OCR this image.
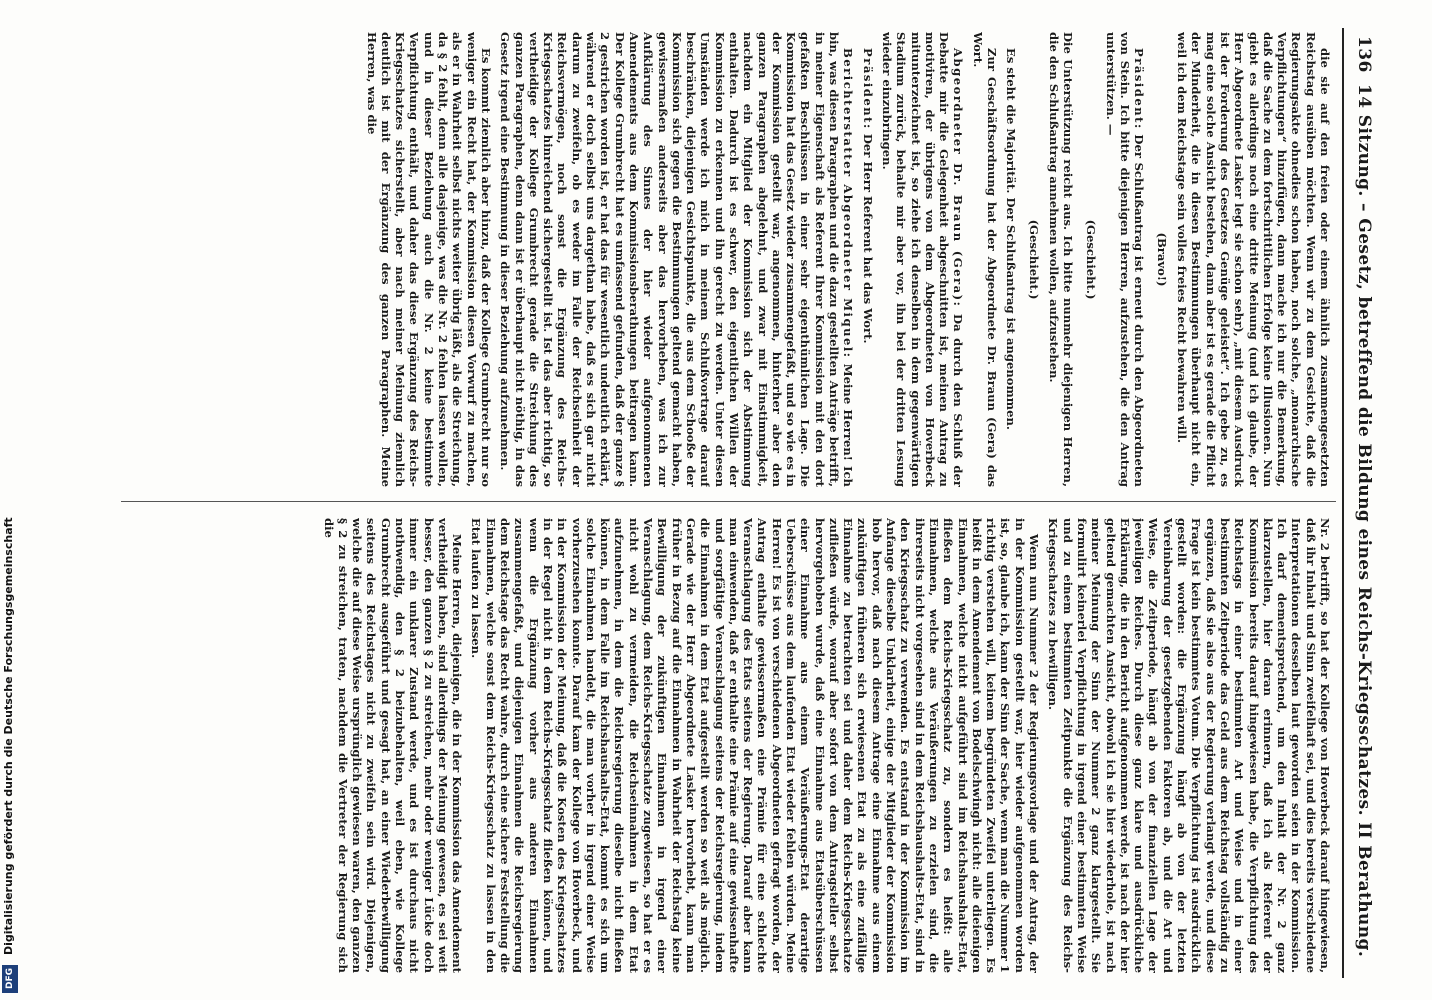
136
14 Sitzung. – Gesetz, betreffend die Bildung eines Reichs-Kriegsschatzes. II Berathung.

die sie auf den freien oder einem ähnlich zusammengesetzten Reichstag ausüben möchten. Wenn wir zu dem Gesichte, daß die Regierungsakte ohnedies schon haben, noch solche, „monarchische Verpflichtungen“ hinzufügen, dann mache ich nur die Bemerkung, daß die Sache zu dem fortschrittlichen Erfolge keine Illusionen. Nun giebt es allerdings noch eine dritte Meinung (und ich glaube, der Herr Abgeordnete Lasker legt sie schon sehr), „mit diesem Ausdruck ist der Forderung des Gesetzes Genüge geleistet“. Ich gebe zu, es mag eine solche Ansicht bestehen, dann aber ist es gerade die Pflicht der Minderheit, die in diesen Bestimmungen überhaupt nicht ein, weil ich dem Reichstage sein volles freies Recht bewahren will.

(Bravo!)

Präsident: Der Schlußantrag ist erneut durch den Abgeordneten von Stein. Ich bitte diejenigen Herren, aufzustehen, die den Antrag unterstützen. —

(Geschieht.)

Die Unterstützung reicht aus. Ich bitte nunmehr diejenigen Herren, die den Schlußantrag annehmen wollen, aufzustehen.

(Geschieht.)

Es steht die Majorität. Der Schlußantrag ist angenommen.

Zur Geschäftsordnung hat der Abgeordnete Dr. Braun (Gera) das Wort.

Abgeordneter Dr. Braun (Gera): Da durch den Schluß der Debatte mir die Gelegenheit abgeschnitten ist, meinen Antrag zu motiviren, der übrigens von dem Abgeordneten von Hoverbeck mitunterzeichnet ist, so ziehe ich denselben in dem gegenwärtigen Stadium zurück, behalte mir aber vor, ihn bei der dritten Lesung wieder einzubringen.

Präsident: Der Herr Referent hat das Wort.

Berichterstatter Abgeordneter Miquel: Meine Herren! Ich bin, was diesen Paragraphen und die dazu gestellten Anträge betrifft, in meiner Eigenschaft als Referent Ihrer Kommission mit den dort gefaßten Beschlüssen in einer sehr eigenthümlichen Lage. Die Kommission hat das Gesetz wieder zusammengefaßt, und so wie es in der Kommission gestellt war, angenommen, hinterher aber den ganzen Paragraphen abgelehnt, und zwar mit Einstimmigkeit, nachdem ein Mitglied der Kommission sich der Abstimmung enthalten. Dadurch ist es schwer, den eigentlichen Willen der Kommission zu erkennen und ihn gerecht zu werden. Unter diesen Umständen werde ich mich in meinem Schlußvortrage darauf beschränken, diejenigen Gesichtspunkte, die aus dem Schooße der Kommission sich gegen die Bestimmungen geltend gemacht haben, gewissermaßen anderseits aber das hervorheben, was ich zur Aufklärung des Sinnes der hier wieder aufgenommenen Amendements aus dem Kommissionsberathungen beitragen kann. Der Kollege Grumbrecht hat es umfassend gefunden, daß der ganze § 2 gestrichen worden ist, er hat das für wesentlich undeutlich erklärt, während er doch selbst uns dargethan habe, daß es sich gar nicht darum zu zweifeln, ob es weder im Falle der Reichseinheit der Reichsvermögen, noch sonst die Ergänzung des Reichs-Kriegsschatzes hinreichend sichergestellt ist. Ist das aber richtig, so vertheidige der Kollege Grumbrecht gerade die Streichung des ganzen Paragraphen, denn dann ist er überhaupt nicht nöthig, in das Gesetz irgend eine Bestimmung in dieser Beziehung aufzunehmen.

Es kommt ziemlich aber hinzu, daß der Kollege Grumbrecht nur so weniger ein Recht hat, der Kommission diesen Vorwurf zu machen, als er in Wahrheit selbst nichts weiter übrig läßt, als die Streichung, da § 2 fehlt, denn alle dasjenige, was die Nr. 2 fehlen lassen wollen, und in dieser Beziehung auch die Nr. 2 keine bestimmte Verpflichtung enthält, und daher das diese Ergänzung des Reichs-Kriegsschatzes sicherstellt, aber nach meiner Meinung ziemlich deutlich ist mit der Ergänzung des ganzen Paragraphen. Meine Herren, was die

Nr. 2 betrifft, so hat der Kollege von Hoverbeck darauf hingewiesen, daß ihr Inhalt und Sinn zweifelhaft sei, und dies bereits verschiedene Interpretationen desselben laut geworden seien in der Kommission. Ich darf dementsprechend, um den Inhalt der Nr. 2 ganz klarzustellen, hier daran erinnern, daß ich als Referent der Kommission bereits darauf hingewiesen habe, die Verpflichtung des Reichstags in einer bestimmten Art und Weise und in einer bestimmten Zeitperiode das Geld aus dem Reichstag vollständig zu ergänzen, daß sie also aus der Regierung verlangt werde, und diese Frage ist kein bestimmtes Votum. Die Verpflichtung ist ausdrücklich gestellt worden: die Ergänzung hängt ab von der letzten Vereinbarung der gesetzgebenden Faktoren ab, und die Art und Weise, die Zeitperiode, hängt ab von der finanziellen Lage der jeweiligen Reiches. Durch diese ganz klare und ausdrückliche Erklärung, die in den Bericht aufgenommen werde, ist nach der hier geltend gemachten Ansicht, obwohl ich sie hier wiederhole, ist nach meiner Meinung der Sinn der Nummer 2 ganz klargestellt. Sie formulirt keinerlei Verpflichtung in irgend einer bestimmten Weise und zu einem bestimmten Zeitpunkte die Ergänzung des Reichs-Kriegsschatzes zu bewilligen.

Wenn nun Nummer 2 der Regierungsvorlage und der Antrag, der in der Kommission gestellt war, hier wieder aufgenommen worden ist, so, glaube ich, kann der Sinn der Sache, wenn man die Nummer 1 richtig verstehen will, keinem begründeten Zweifel unterliegen. Es heißt in dem Amendement von Bodelschwingh nicht: alle dieienigen Einnahmen, welche nicht aufgeführt sind im Reichshaushalts-Etat, fließen dem Reichs-Kriegsschatz zu, sondern es heißt: alle Einnahmen, welche aus Veräußerungen zu erzielen sind, die ihrerseits nicht vorgesehen sind in dem Reichshaushalts-Etat, sind in den Kriegsschatz zu verwenden. Es entstand in der Kommission im Anfange dieselbe Unklarheit, einige der Mitglieder der Kommission hob hervor, daß nach diesem Antrage eine Einnahme aus einem zukünftigen früheren sich erwiesenen Etat zu als eine zufällige Einnahme zu betrachten sei und daher dem Reichs-Kriegsschatze zufließen würde, worauf aber sofort von dem Antragsteller selbst hervorgehoben wurde, daß eine Einnahme aus Etatsüberschüssen einer Einnahme aus einem Veräußerungs-Etat derartige Ueberschüsse aus dem laufenden Etat wieder fehlen würden. Meine Herren! Es ist von verschiedenen Abgeordneten gefragt worden, der Antrag enthalte gewissermaßen eine Prämie für eine schlechte Veranschlagung des Etats seitens der Regierung. Darauf aber kann man einwenden, daß er enthalte eine Prämie auf eine gewissenhafte und sorgfältige Veranschlagung seitens der Reichsregierung, indem die Einnahmen in dem Etat aufgestellt werden so weit als möglich. Gerade wie der Herr Abgeordnete Lasker hervorhebt, kann man früher in Bezug auf die Einnahmen in Wahrheit der Reichstag keine Bewilligung der zukünftigen Einnahmen in irgend einer Veranschlagung, dem Reichs-Kriegsschatze zugewiesen, so hat er es nicht wohl zu vermeiden, die Reichseinnahmen in dem Etat aufzunehmen, in dem die Reichsregierung dieselbe nicht fließen können, in dem Falle im Reichshaushalts-Etat, kommt es sich um solche Einnahmen handelt, die man vorher in irgend einer Weise vorherzusehen konnte. Darauf kam der Kollege von Hoverbeck, und in der Kommission der Meinung, daß die Kosten des Kriegsschatzes in der Regel nicht in dem Reichs-Kriegsschatz fließen können, und wenn die Ergänzung vorher aus anderen Einnahmen zusammengefaßt, und diejenigen Einnahmen die Reichsregierung dem Reichstage das Recht wahre, durch eine sichere Feststellung die Einnahmen, welche sonst dem Reichs-Kriegsschatz zu lassen in den Etat laufen zu lassen.

Meine Herren, diejenigen, die in der Kommission das Amendement vertheidigt haben, sind allerdings der Meinung gewesen, es sei weit besser, den ganzen § 2 zu streichen, mehr oder weniger Lücke doch immer ein unklarer Zustand werde, und es ist durchaus nicht nothwendig, den § 2 beizubehalten, weil eben, wie Kollege Grumbrecht ausgeführt und gesagt hat, an einer Wiederbewilligung seitens des Reichstages nicht zu zweifeln sein wird. Diejenigen, welche die auf diese Weise ursprünglich gewiesen waren, den ganzen § 2 zu streichen, traten, nachdem die Vertreter der Regierung sich die

Digitalisierung gefördert durch die Deutsche Forschungsgemeinschaft
DFG
